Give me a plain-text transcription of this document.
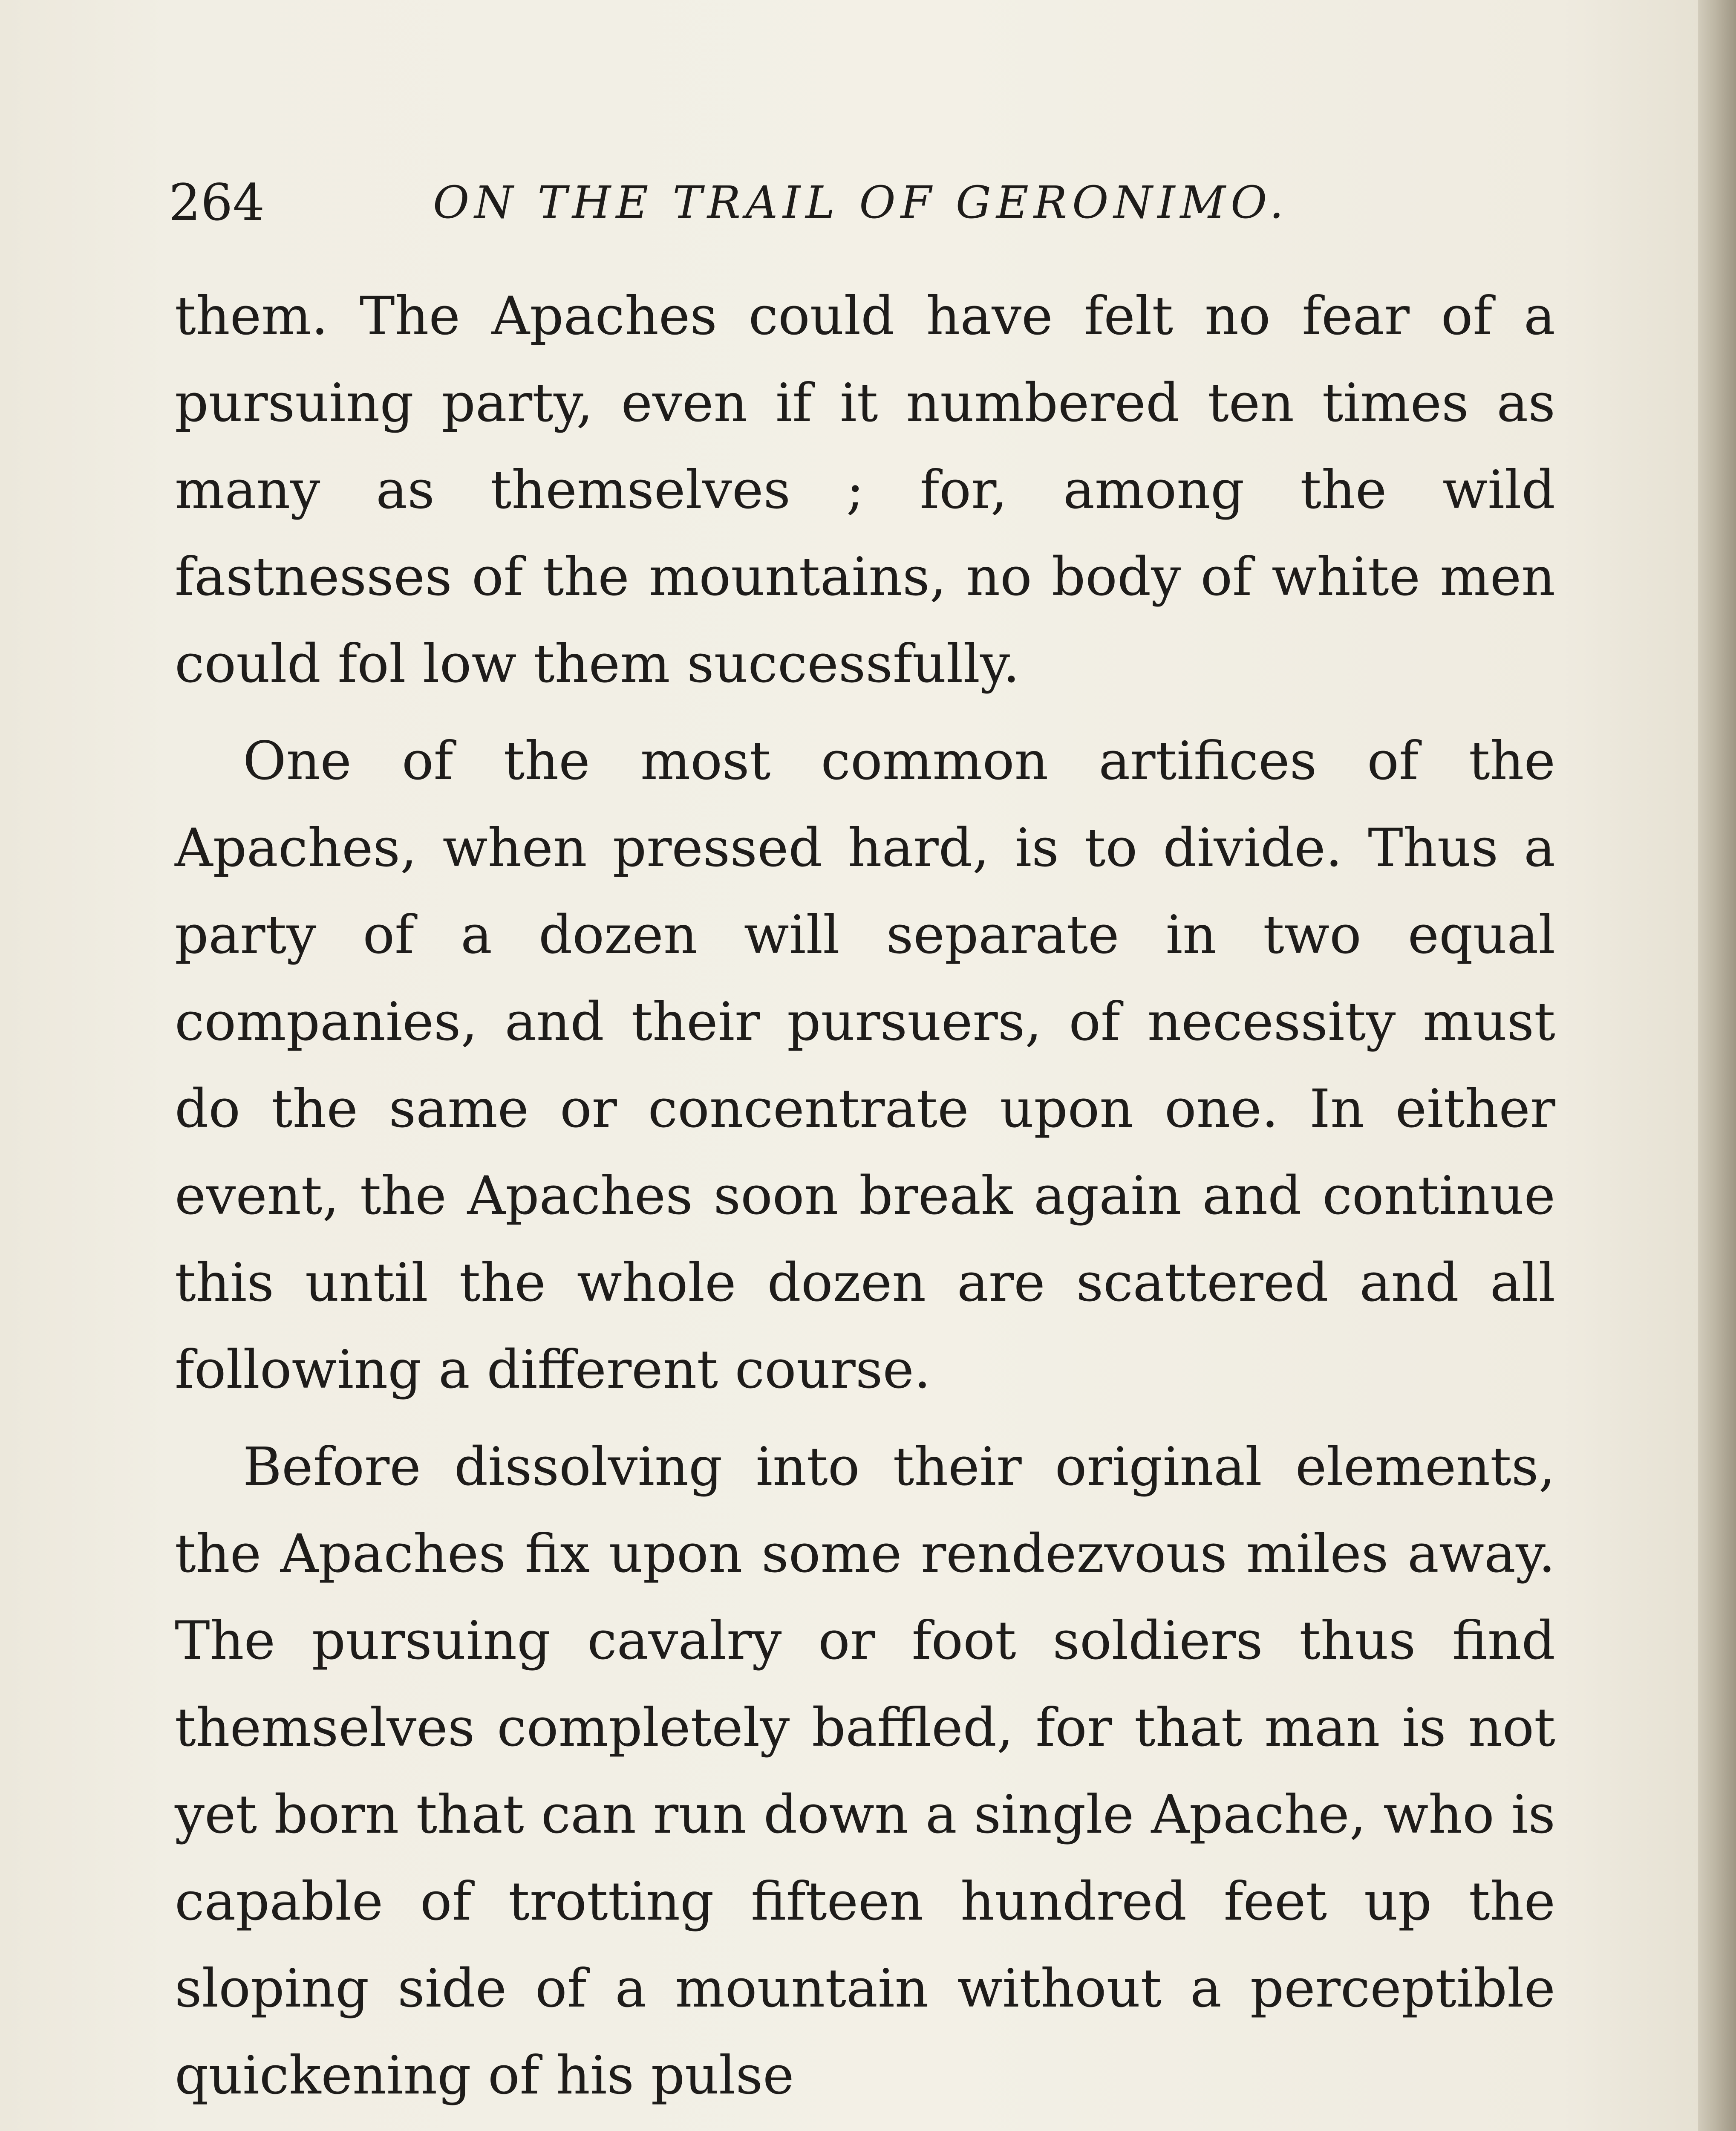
264	ON THE TRAIL OF GERONIMO.

them. The Apaches could have felt no fear of a pursuing party, even if it numbered ten times as many as themselves ; for, among the wild fastnesses of the mountains, no body of white men could fol low them successfully.

One of the most common artifices of the Apaches, when pressed hard, is to divide. Thus a party of a dozen will separate in two equal companies, and their pursuers, of necessity must do the same or concentrate upon one. In either event, the Apaches soon break again and continue this until the whole dozen are scattered and all following a different course.

Before dissolving into their original elements, the Apaches fix upon some rendezvous miles away. The pursuing cavalry or foot soldiers thus find themselves completely baffled, for that man is not yet born that can run down a single Apache, who is capable of trotting fifteen hundred feet up the sloping side of a mountain without a perceptible quickening of his pulse
